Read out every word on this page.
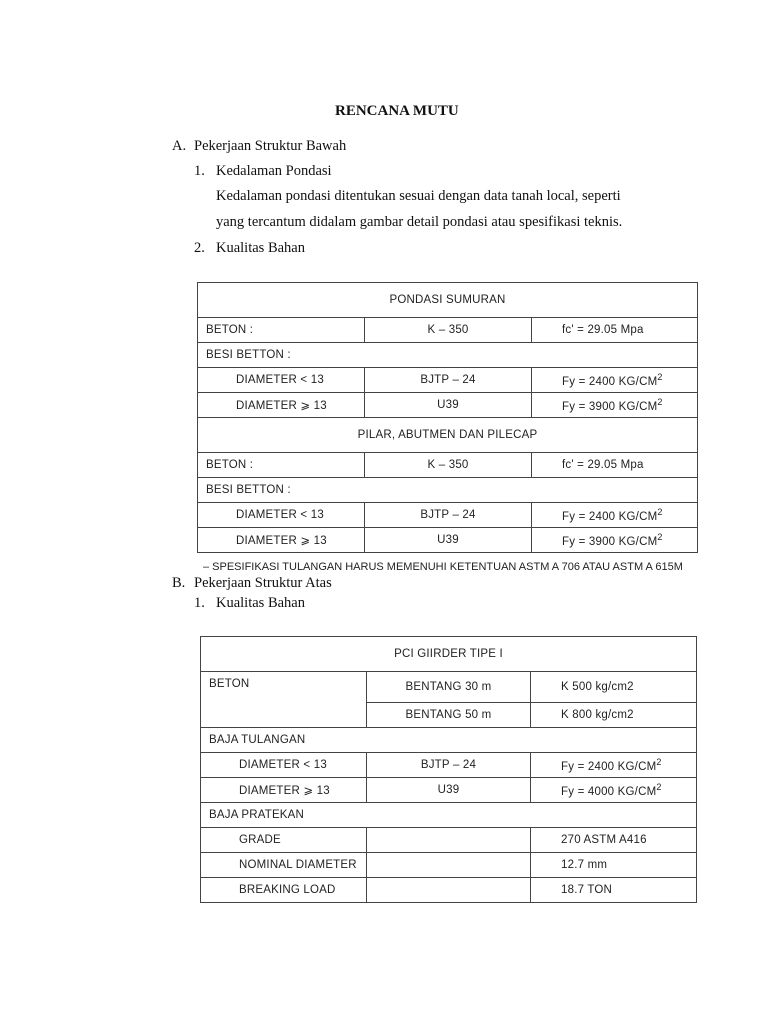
RENCANA MUTU
A. Pekerjaan Struktur Bawah
1. Kedalaman Pondasi
Kedalaman pondasi ditentukan sesuai dengan data tanah local, seperti
yang tercantum didalam gambar detail pondasi atau spesifikasi teknis.
2. Kualitas Bahan
PONDASI SUMURAN		
BETON :	K – 350	fc' = 29.05 Mpa
BESI BETTON :		
DIAMETER < 13	BJTP – 24	Fy = 2400 $KG/CM^2$
DIAMETER ⩾ 13	U39	Fy = 3900 $KG/CM^2$
PILAR, ABUTMEN DAN PILECAP		
BETON :	K – 350	fc' = 29.05 Mpa
BESI BETTON :		
DIAMETER < 13	BJTP – 24	Fy = 2400 $KG/CM^2$
DIAMETER ⩾ 13	U39	Fy = 3900 $KG/CM^2$
– SPESIFIKASI TULANGAN HARUS MEMENUHI KETENTUAN ASTM A 706 ATAU ASTM A 615M
B. Pekerjaan Struktur Atas
1. Kualitas Bahan
PCI GIIRDER TIPE I		
BETON	BENTANG 30 m	K 500 kg/cm2
	BENTANG 50 m	K 800 kg/cm2
BAJA TULANGAN		
DIAMETER < 13	BJTP – 24	Fy = 2400 $KG/CM^2$
DIAMETER ⩾ 13	U39	Fy = 4000 $KG/CM^2$
BAJA PRATEKAN		
GRADE		270 ASTM A416
NOMINAL DIAMETER		12.7 mm
BREAKING LOAD		18.7 TON
